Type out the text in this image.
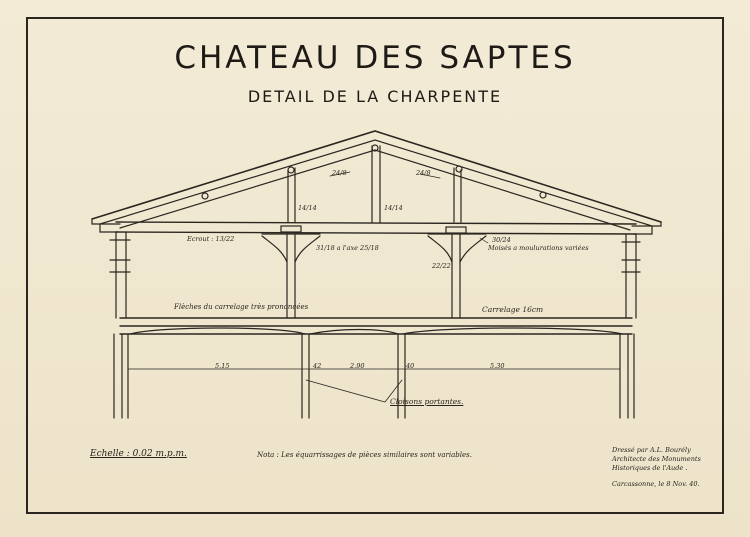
CHATEAU DES SAPTES
DETAIL DE LA CHARPENTE
24/8	24/8
14/14	14/14
Ecrout : 13/22
31/18 a l'axe 25/18
30/24
Moisés a moulurations variées
22/22
Flèches du carrelage très prononcées	Carrelage 16cm
5.15	42	2.90	40	5.30
Cloisons portantes.
Echelle : 0.02 m.p.m.	Nota : Les équarrissages de pièces similaires sont variables.
Dressé par A.L. Bourély
Architecte des Monuments
Historiques de l'Aude .
Carcassonne, le 8 Nov. 40.
